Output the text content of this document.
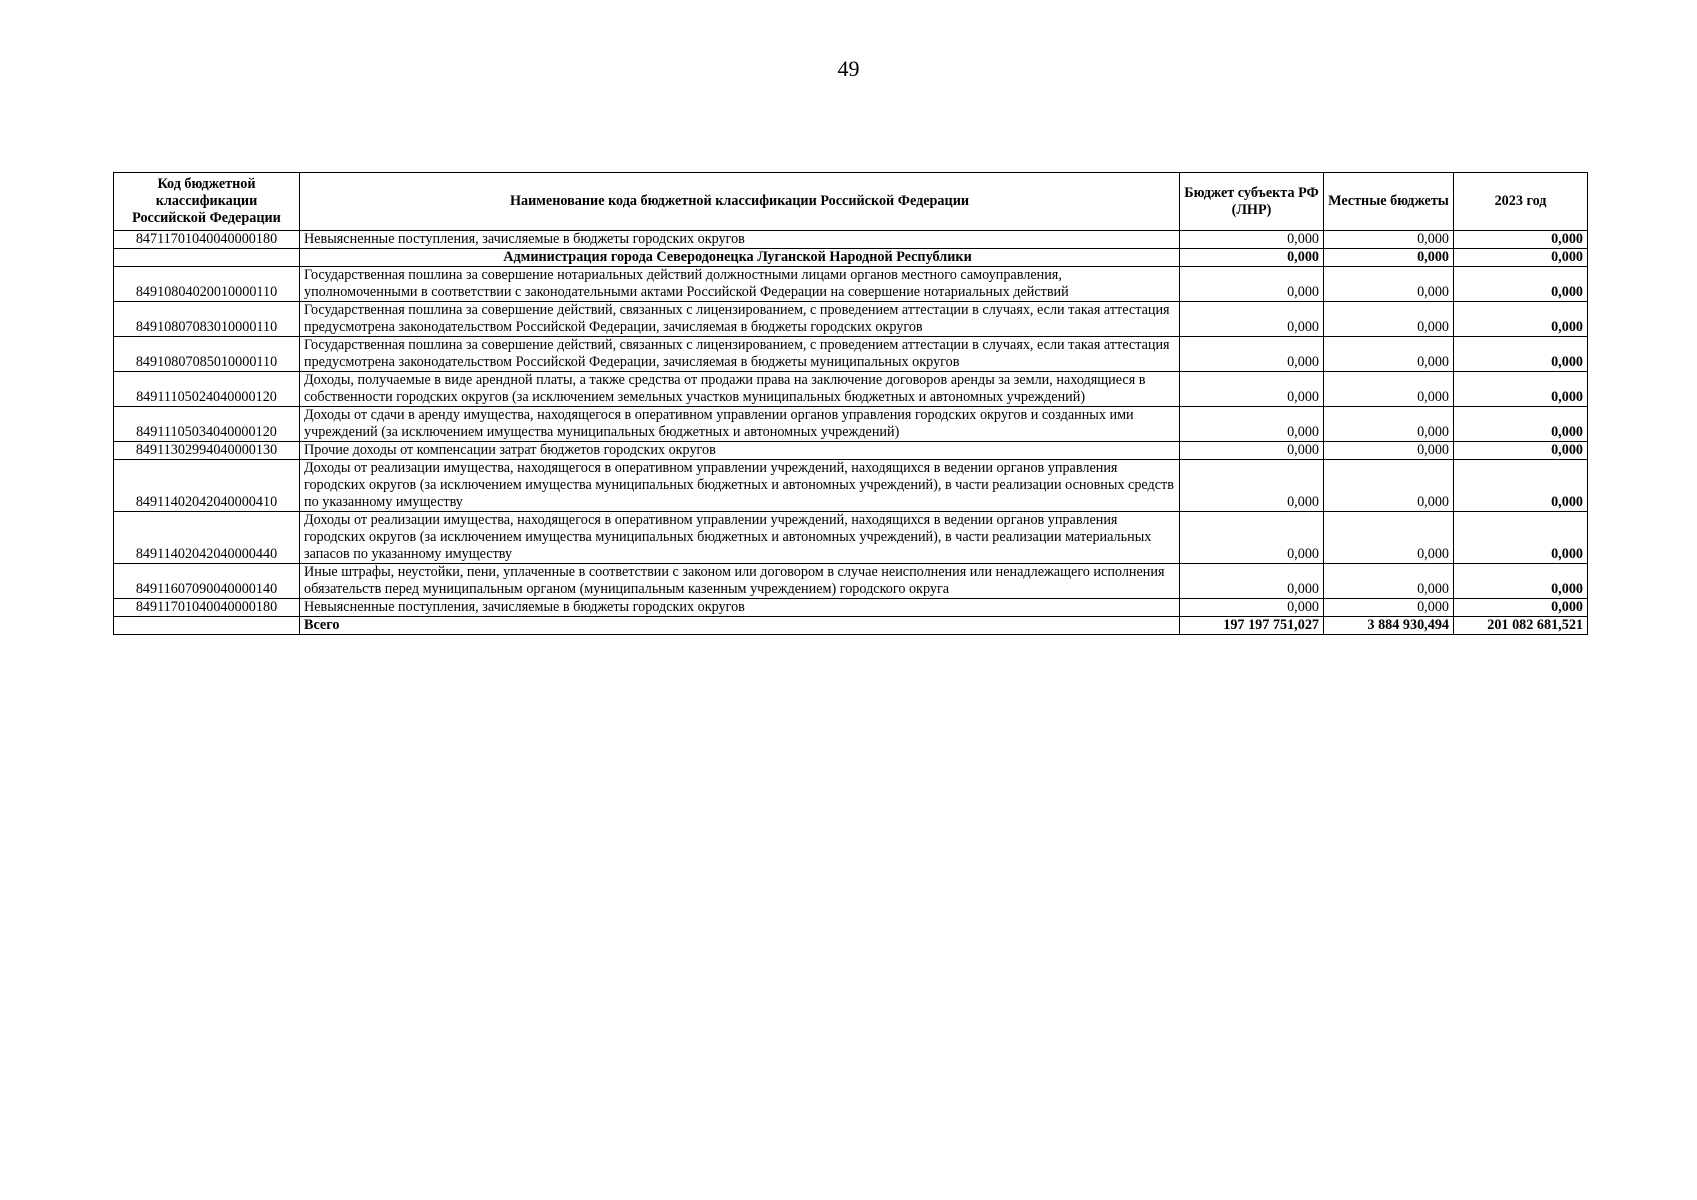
49
Код бюджетной классификации Российской Федерации	Наименование кода бюджетной классификации Российской Федерации	Бюджет субъекта РФ (ЛНР)	Местные бюджеты	2023 год
84711701040040000180	Невыясненные поступления, зачисляемые в бюджеты городских округов	0,000	0,000	0,000
	Администрация города Северодонецка Луганской Народной Республики	0,000	0,000	0,000
84910804020010000110	Государственная пошлина за совершение нотариальных действий должностными лицами органов местного самоуправления, уполномоченными в соответствии с законодательными актами Российской Федерации на совершение нотариальных действий	0,000	0,000	0,000
84910807083010000110	Государственная пошлина за совершение действий, связанных с лицензированием, с проведением аттестации в случаях, если такая аттестация предусмотрена законодательством Российской Федерации, зачисляемая в бюджеты городских округов	0,000	0,000	0,000
84910807085010000110	Государственная пошлина за совершение действий, связанных с лицензированием, с проведением аттестации в случаях, если такая аттестация предусмотрена законодательством Российской Федерации, зачисляемая в бюджеты муниципальных округов	0,000	0,000	0,000
84911105024040000120	Доходы, получаемые в виде арендной платы, а также средства от продажи права на заключение договоров аренды за земли, находящиеся в собственности городских округов (за исключением земельных участков муниципальных бюджетных и автономных учреждений)	0,000	0,000	0,000
84911105034040000120	Доходы от сдачи в аренду имущества, находящегося в оперативном управлении органов управления городских округов и созданных ими учреждений (за исключением имущества муниципальных бюджетных и автономных учреждений)	0,000	0,000	0,000
84911302994040000130	Прочие доходы от компенсации затрат бюджетов городских округов	0,000	0,000	0,000
84911402042040000410	Доходы от реализации имущества, находящегося в оперативном управлении учреждений, находящихся в ведении органов управления городских округов (за исключением имущества муниципальных бюджетных и автономных учреждений), в части реализации основных средств по указанному имуществу	0,000	0,000	0,000
84911402042040000440	Доходы от реализации имущества, находящегося в оперативном управлении учреждений, находящихся в ведении органов управления городских округов (за исключением имущества муниципальных бюджетных и автономных учреждений), в части реализации материальных запасов по указанному имуществу	0,000	0,000	0,000
84911607090040000140	Иные штрафы, неустойки, пени, уплаченные в соответствии с законом или договором в случае неисполнения или ненадлежащего исполнения обязательств перед муниципальным органом (муниципальным казенным учреждением) городского округа	0,000	0,000	0,000
84911701040040000180	Невыясненные поступления, зачисляемые в бюджеты городских округов	0,000	0,000	0,000
	Всего	197 197 751,027	3 884 930,494	201 082 681,521
